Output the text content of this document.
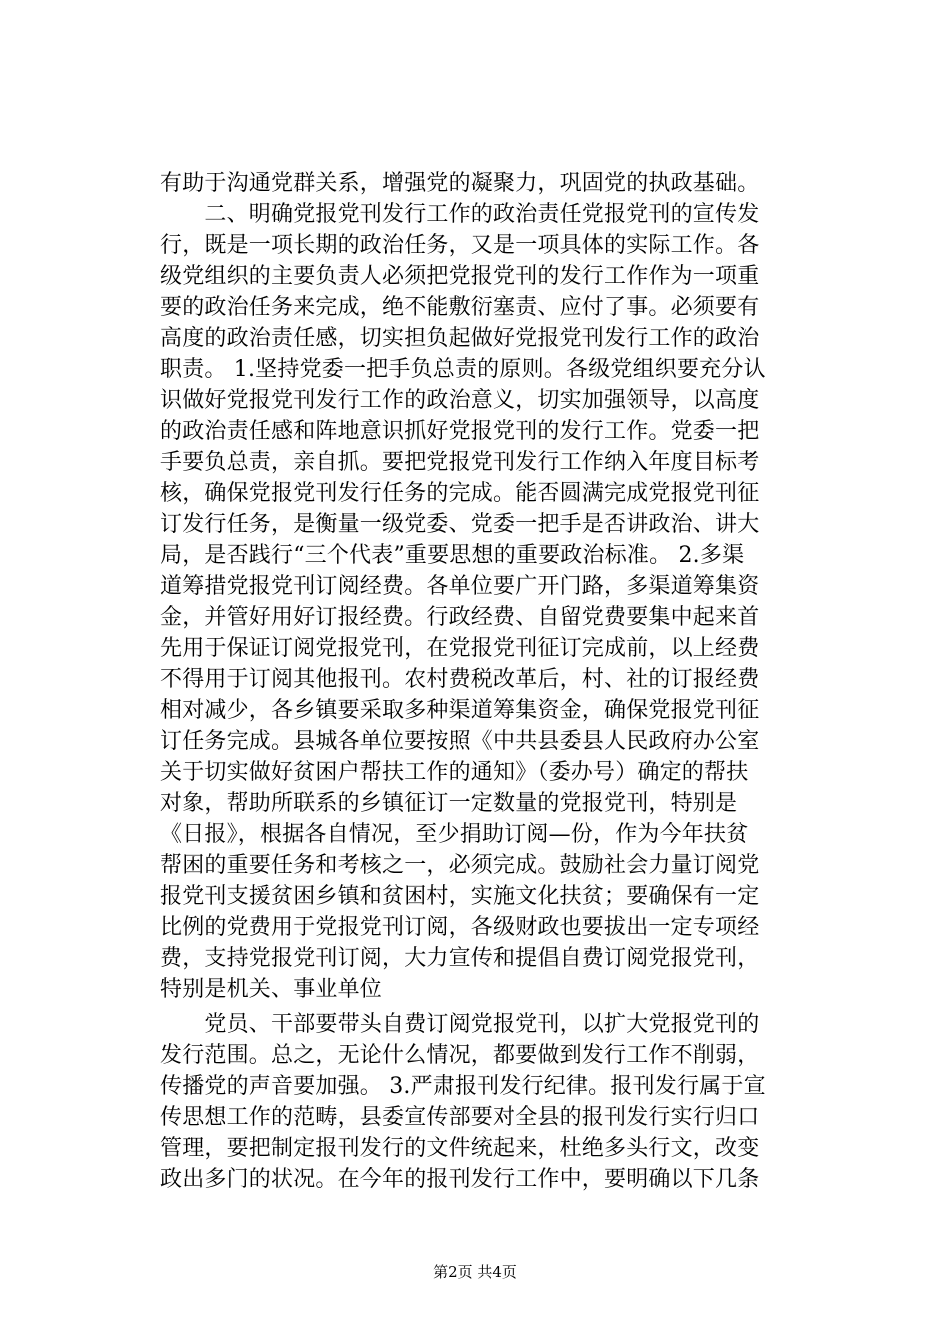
有助于沟通党群关系，增强党的凝聚力，巩固党的执政基础。
　　二、明确党报党刊发行工作的政治责任党报党刊的宣传发
行，既是一项长期的政治任务，又是一项具体的实际工作。各
级党组织的主要负责人必须把党报党刊的发行工作作为一项重
要的政治任务来完成，绝不能敷衍塞责、应付了事。必须要有
高度的政治责任感，切实担负起做好党报党刊发行工作的政治
职责。 1.坚持党委一把手负总责的原则。各级党组织要充分认
识做好党报党刊发行工作的政治意义，切实加强领导，以高度
的政治责任感和阵地意识抓好党报党刊的发行工作。党委一把
手要负总责，亲自抓。要把党报党刊发行工作纳入年度目标考
核，确保党报党刊发行任务的完成。能否圆满完成党报党刊征
订发行任务，是衡量一级党委、党委一把手是否讲政治、讲大
局，是否践行“三个代表”重要思想的重要政治标准。 2.多渠
道筹措党报党刊订阅经费。各单位要广开门路，多渠道筹集资
金，并管好用好订报经费。行政经费、自留党费要集中起来首
先用于保证订阅党报党刊，在党报党刊征订完成前，以上经费
不得用于订阅其他报刊。农村费税改革后，村、社的订报经费
相对减少，各乡镇要采取多种渠道筹集资金，确保党报党刊征
订任务完成。县城各单位要按照《中共县委县人民政府办公室
关于切实做好贫困户帮扶工作的通知》（委办号）确定的帮扶
对象，帮助所联系的乡镇征订一定数量的党报党刊，特别是
《日报》，根据各自情况，至少捐助订阅—份，作为今年扶贫
帮困的重要任务和考核之一，必须完成。鼓励社会力量订阅党
报党刊支援贫困乡镇和贫困村，实施文化扶贫；要确保有一定
比例的党费用于党报党刊订阅，各级财政也要拔出一定专项经
费，支持党报党刊订阅，大力宣传和提倡自费订阅党报党刊，
特别是机关、事业单位
　　党员、干部要带头自费订阅党报党刊，以扩大党报党刊的
发行范围。总之，无论什么情况，都要做到发行工作不削弱，
传播党的声音要加强。 3.严肃报刊发行纪律。报刊发行属于宣
传思想工作的范畴，县委宣传部要对全县的报刊发行实行归口
管理，要把制定报刊发行的文件统起来，杜绝多头行文，改变
政出多门的状况。在今年的报刊发行工作中，要明确以下几条
第2页 共4页
